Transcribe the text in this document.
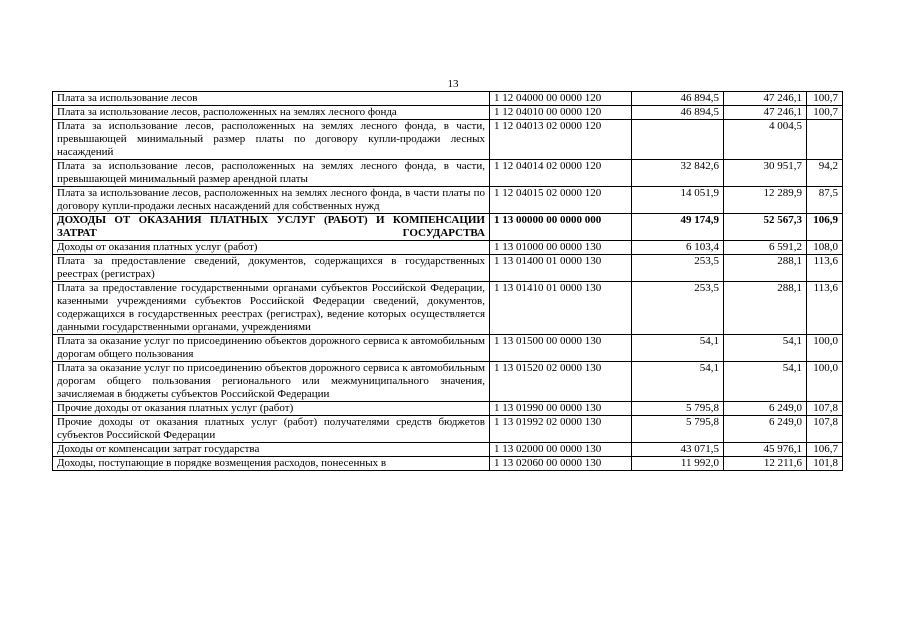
13
Плата за использование лесов	1 12 04000 00 0000 120	46 894,5	47 246,1	100,7
Плата за использование лесов, расположенных на землях лесного фонда	1 12 04010 00 0000 120	46 894,5	47 246,1	100,7
Плата за использование лесов, расположенных на землях лесного фонда, в части, превышающей минимальный размер платы по договору купли-продажи лесных насаждений	1 12 04013 02 0000 120		4 004,5	
Плата за использование лесов, расположенных на землях лесного фонда, в части, превышающей минимальный размер арендной платы	1 12 04014 02 0000 120	32 842,6	30 951,7	94,2
Плата за использование лесов, расположенных на землях лесного фонда, в части платы по договору купли-продажи лесных насаждений для собственных нужд	1 12 04015 02 0000 120	14 051,9	12 289,9	87,5
ДОХОДЫ ОТ ОКАЗАНИЯ ПЛАТНЫХ УСЛУГ (РАБОТ) И КОМПЕНСАЦИИ ЗАТРАТ ГОСУДАРСТВА	1 13 00000 00 0000 000	49 174,9	52 567,3	106,9
Доходы от оказания платных услуг (работ)	1 13 01000 00 0000 130	6 103,4	6 591,2	108,0
Плата за предоставление сведений, документов, содержащихся в государственных реестрах (регистрах)	1 13 01400 01 0000 130	253,5	288,1	113,6
Плата за предоставление государственными органами субъектов Российской Федерации, казенными учреждениями субъектов Российской Федерации сведений, документов, содержащихся в государственных реестрах (регистрах), ведение которых осуществляется данными государственными органами, учреждениями	1 13 01410 01 0000 130	253,5	288,1	113,6
Плата за оказание услуг по присоединению объектов дорожного сервиса к автомобильным дорогам общего пользования	1 13 01500 00 0000 130	54,1	54,1	100,0
Плата за оказание услуг по присоединению объектов дорожного сервиса к автомобильным дорогам общего пользования регионального или межмуниципального значения, зачисляемая в бюджеты субъектов Российской Федерации	1 13 01520 02 0000 130	54,1	54,1	100,0
Прочие доходы от оказания платных услуг (работ)	1 13 01990 00 0000 130	5 795,8	6 249,0	107,8
Прочие доходы от оказания платных услуг (работ) получателями средств бюджетов субъектов Российской Федерации	1 13 01992 02 0000 130	5 795,8	6 249,0	107,8
Доходы от компенсации затрат государства	1 13 02000 00 0000 130	43 071,5	45 976,1	106,7
Доходы, поступающие в порядке возмещения расходов, понесенных в	1 13 02060 00 0000 130	11 992,0	12 211,6	101,8
